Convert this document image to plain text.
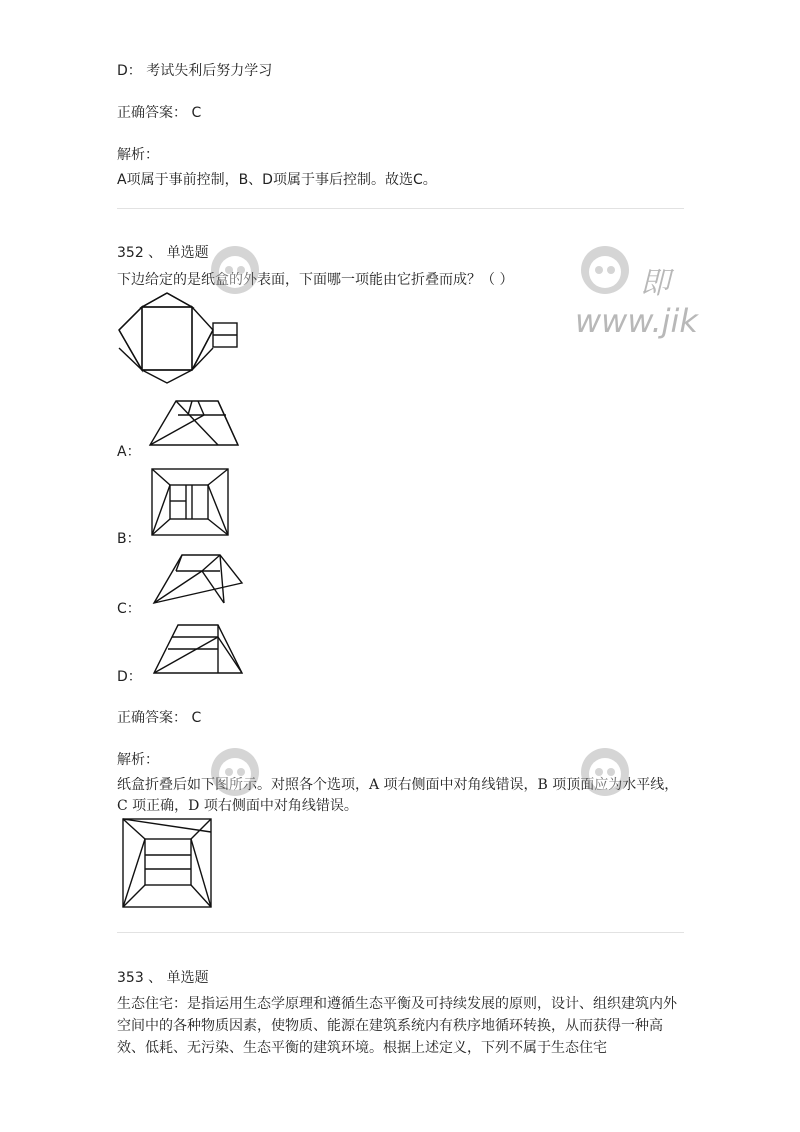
D： 考试失利后努力学习
正确答案： C
解析：
A项属于事前控制，B、D项属于事后控制。故选C。
352 、 单选题
下边给定的是纸盒的外表面，下面哪一项能由它折叠而成？（ ）
A：
B：
C：
D：
正确答案： C
解析：
纸盒折叠后如下图所示。对照各个选项，A 项右侧面中对角线错误，B 项顶面应为水平线，C 项正确，D 项右侧面中对角线错误。
353 、 单选题
生态住宅：是指运用生态学原理和遵循生态平衡及可持续发展的原则，设计、组织建筑内外空间中的各种物质因素，使物质、能源在建筑系统内有秩序地循环转换，从而获得一种高效、低耗、无污染、生态平衡的建筑环境。根据上述定义，下列不属于生态住宅
即
www.jik
